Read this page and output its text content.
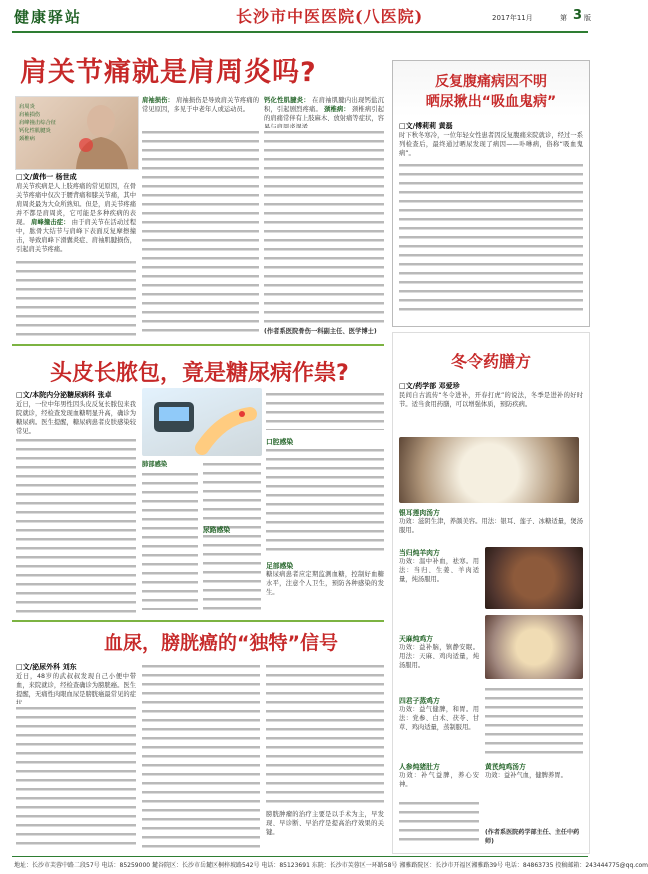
健康驿站	长沙市中医医院(八医院)	2017年11月	第 3 版
肩关节痛就是肩周炎吗?
肩周炎
肩袖损伤
肩峰撞击综合征
钙化性肌腱炎
颈椎病
□文/黄伟一 杨世成
肩关节疾病是人上肢疼痛的常见原因，在骨关节疼痛中仅次于腰背痛和膝关节痛，其中肩周炎最为大众所熟知。但是，肩关节疼痛并不都是肩周炎，它可能是多种疾病的表现。 肩峰撞击症： 由于肩关节在活动过程中，肱骨大结节与肩峰下表面反复摩擦撞击，导致肩峰下滑囊炎症、肩袖肌腱损伤，引起肩关节疼痛。
肩袖损伤： 肩袖损伤是导致肩关节疼痛的常见原因，多见于中老年人或运动员。
钙化性肌腱炎： 在肩袖肌腱内出现钙盐沉积，引起剧烈疼痛。 颈椎病： 颈椎病引起的肩痛常伴有上肢麻木、放射痛等症状，容
(作者系医院骨伤一科副主任、医学博士)
反复腹痛病因不明
晒尿揪出“吸血鬼病”
□文/傅莉莉 黄磊
时下秋冬寒冷，一位年轻女性患者因反复腹痛来院就诊，经过一系列检查后，最终通过晒尿发现了病因——卟啉病，俗称“吸血鬼病”。
头皮长脓包，竟是糖尿病作祟?
□文/本院内分泌糖尿病科 张卓
近日，一位中年男性因头皮反复长脓包来我院就诊，经检查发现血糖明显升高，确诊为糖尿病。医生提醒，糖尿病患者皮肤感染较常见。
肺部感染
尿路感染
口腔感染
足部感染
糖尿病患者应定期监测血糖，控制好血糖水平，注意个人卫生，预防各种感染的发生。
血尿，膀胱癌的“独特”信号
□文/泌尿外科 刘东
近日，48岁的武叔叔发现自己小便中带血，来院就诊，经检查确诊为膀胱癌。医生提醒，无痛性肉眼血尿是膀胱癌最常见的症
膀胱肿瘤的治疗主要是以手术为主，早发现、早诊断、早治疗是提高治疗效果的关键。
冬令药膳方
□文/药学部 邓爱珍
民间自古流传“冬令进补，开春打虎”的说法，冬季是进补的好时节。适当食用药膳，可以增强体质，预防疾病。
银耳莲肉汤方
功效：滋阴生津，养颜美容。用法：银耳、莲子、冰糖适量，煲汤服用。
当归炖羊肉方
功效：温中补血，祛寒。用法：当归、生姜、羊肉适量，炖汤服用。
天麻炖鸡方
功效：益补脑，镇静安眠。用法：天麻、鸡肉适量，炖汤服用。
四君子蒸鸡方
功效：益气健脾，和胃。用法：党参、白术、茯苓、甘草、鸡肉适量，蒸制服用。
人参炖猪肚方
功效：补气益脾，养心安神。
黄芪炖鸡汤方
功效：益补气血，健脾养胃。
(作者系医院药学部主任、主任中药师)
地址：长沙市芙蓉中路二段57号 电话：85259000 麓谷院区：长沙市岳麓区桐梓坡路542号 电话：85123691 东院：长沙市芙蓉区一环路58号 湘雅路院区：长沙市开福区湘雅路39号 电话：84863735 投稿邮箱：243444775@qq.com
